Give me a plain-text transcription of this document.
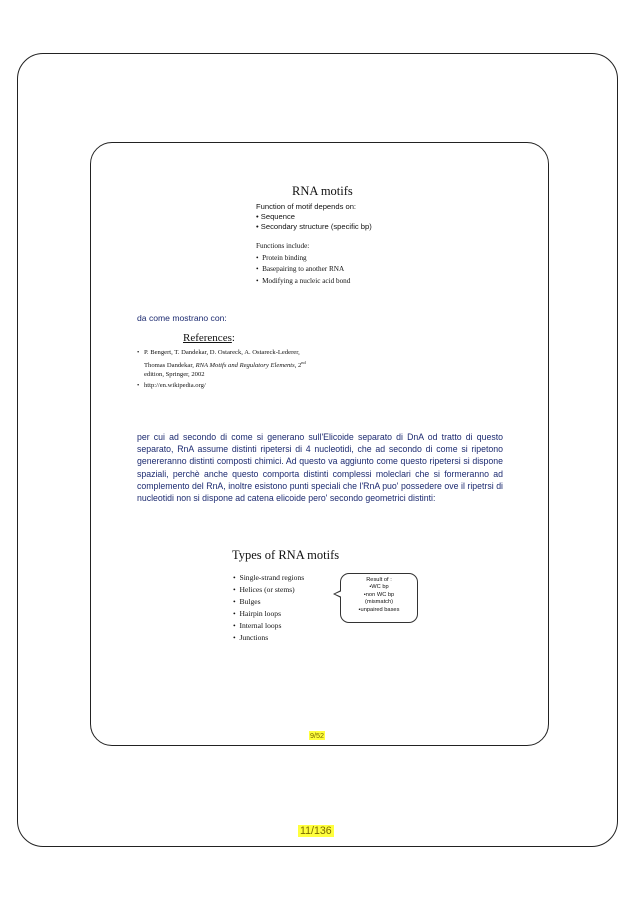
RNA motifs
Function of motif depends on:
• Sequence
• Secondary structure (specific bp)
Functions include:
•  Protein binding
•  Basepairing to another RNA
•  Modifying a nucleic acid bond
da come mostrano con:
References:
• P. Bengert, T. Dandekar, D. Ostareck, A. Ostareck-Lederer, Thomas Dandekar, RNA Motifs and Regulatory Elements, 2nd edition, Springer, 2002
• http://en.wikipedia.org/
per cui ad secondo di come si generano sull'Elicoide separato di DnA od tratto di questo separato, RnA assume distinti ripetersi di 4 nucleotidi, che ad secondo di come si ripetono genereranno distinti composti chimici. Ad questo va aggiunto come questo ripetersi si dispone spaziali, perchè anche questo comporta distinti complessi moleclari che si formeranno ad complemento del RnA, inoltre esistono punti speciali che l'RnA puo' possedere ove il ripetrsi di nucleotidi non si dispone ad catena elicoide pero' secondo geometrici distinti:
Types of RNA motifs
•  Single-strand regions
•  Helices (or stems)
•  Bulges
•  Hairpin loops
•  Internal loops
•  Junctions
Result of :
•WC bp
•non WC bp
(mismatch)
•unpaired bases
9/52
11/136
